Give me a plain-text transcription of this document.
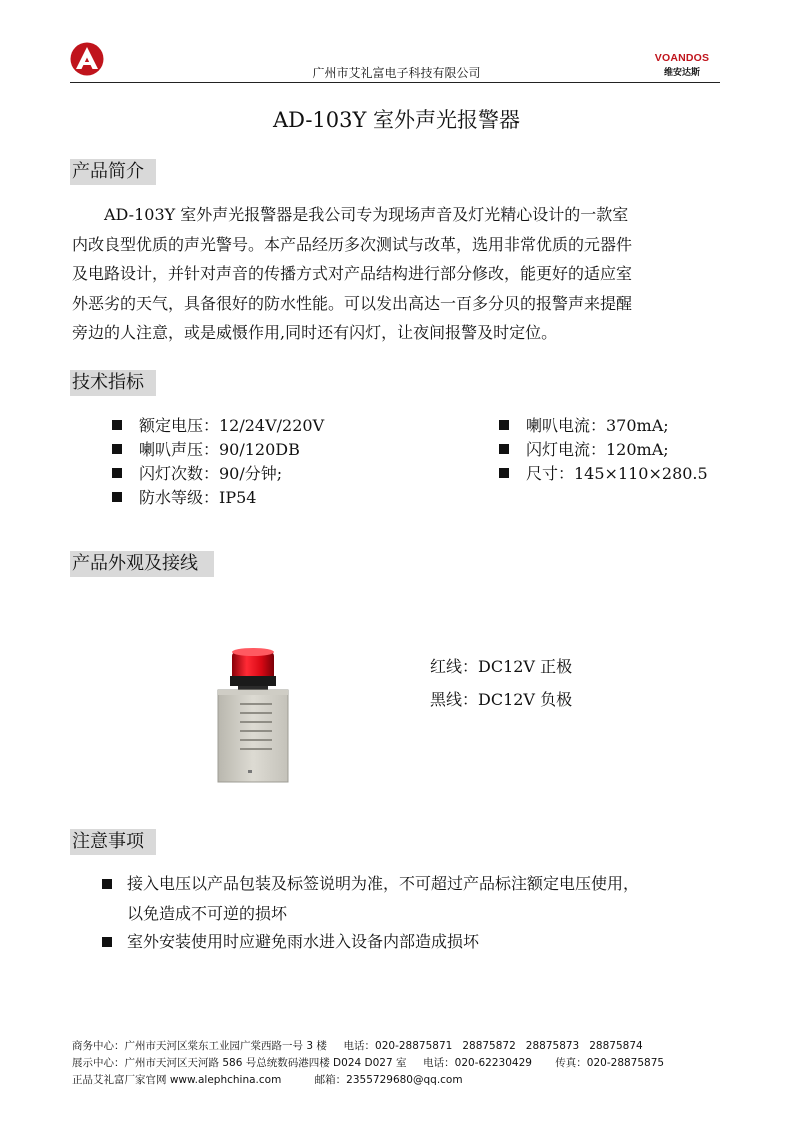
广州市艾礼富电子科技有限公司
VOANDOS
维安达斯
AD-103Y 室外声光报警器
产品简介
AD-103Y 室外声光报警器是我公司专为现场声音及灯光精心设计的一款室
内改良型优质的声光警号。本产品经历多次测试与改革，选用非常优质的元器件
及电路设计，并针对声音的传播方式对产品结构进行部分修改，能更好的适应室
外恶劣的天气，具备很好的防水性能。可以发出高达一百多分贝的报警声来提醒
旁边的人注意，或是威慑作用,同时还有闪灯，让夜间报警及时定位。
技术指标
额定电压：12/24V/220V
喇叭声压：90/120DB
闪灯次数：90/分钟;
防水等级：IP54
喇叭电流：370mA;
闪灯电流：120mA;
尺寸：145×110×280.5
产品外观及接线
红线：DC12V 正极
黑线：DC12V 负极
注意事项
接入电压以产品包装及标签说明为准，不可超过产品标注额定电压使用，
以免造成不可逆的损坏
室外安装使用时应避免雨水进入设备内部造成损坏
商务中心：广州市天河区棠东工业园广棠西路一号 3 楼     电话：020-28875871   28875872   28875873   28875874
展示中心：广州市天河区天河路 586 号总统数码港四楼 D024 D027 室     电话：020-62230429       传真：020-28875875
正品艾礼富厂家官网 www.alephchina.com          邮箱：2355729680@qq.com
